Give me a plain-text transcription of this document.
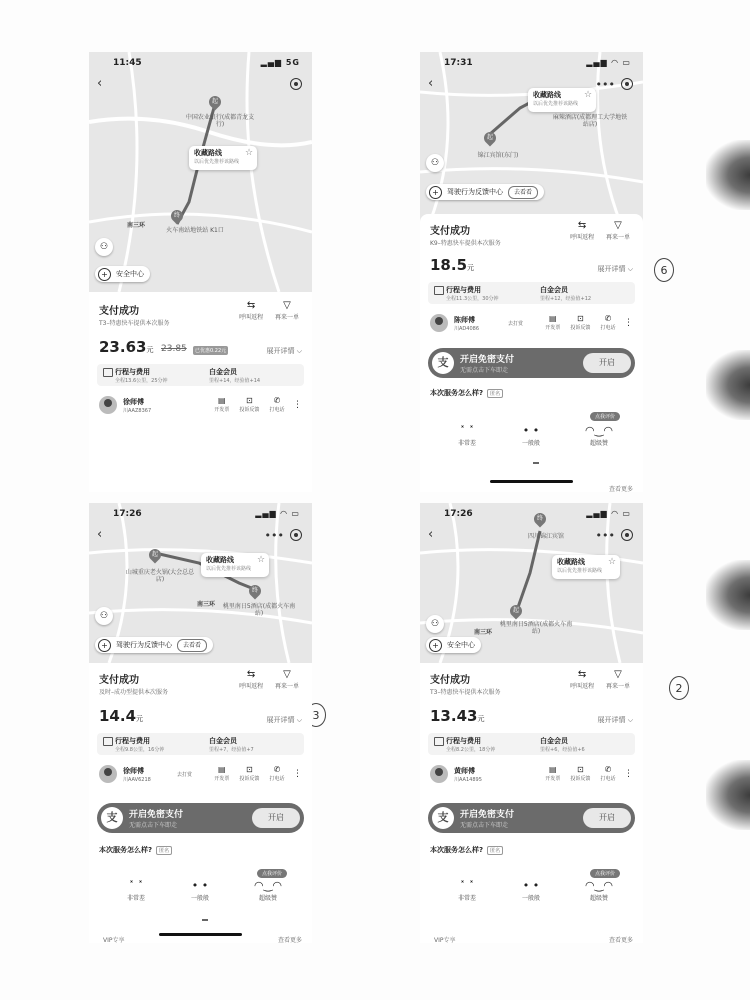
6
3
2
11:45	▂▄▆ 5G
‹
起
中国农业银行(成都青龙支行)
收藏路线
以后优先推荐该路线
☆
南三环
终
火车南站地铁站 K1口
⚇
+ 安全中心
支付成功
T3–特惠快车提供本次服务
⇆
呼叫返程
▽
再来一单
23.63元 23.85	已优惠0.22元	展开详情 ⌵
行程与费用
全程13.6公里，25分钟
白金会员
里程+14，经验值+14
徐师傅
川AAZ8367
▤
开发票
⊡
投诉反馈
✆
打电话 ⋮
17:31	▂▄▆ ◠ ▭
‹	•••
收藏路线
以后优先推荐该路线
☆
麻辣酒店(成都理工大学地铁站店)
起
锦江宾馆(东门)
⚇
+ 驾驶行为反馈中心 去看看
支付成功
K9–特惠快车提供本次服务
⇆
呼叫返程
▽
再来一单
18.5元	展开详情 ⌵
行程与费用
全程11.3公里，30分钟
白金会员
里程+12，经验值+12
陈师傅
川AD4086
去打赏
▤
开发票
⊡
投诉反馈
✆
打电话 ⋮
支	开启免密支付
无需点击下车即走
开启
本次服务怎么样? 匿名
点我评价
˟ ˟
非常差
• •
一般般
◠‿◠
超级赞
查看更多
17:26	▂▄▆ ◠ ▭
‹	•••
起
山城重庆老火锅(大会总总店)
收藏路线
以后优先推荐该路线
☆
终
桃里南日5酒店(成都火车南站)
南三环
⚇
+ 驾驶行为反馈中心 去看看
支付成功
及时–成功型提供本次服务
⇆
呼叫返程
▽
再来一单
14.4元	展开详情 ⌵
行程与费用
全程9.8公里，16分钟
白金会员
里程+7，经验值+7
徐师傅
川AAV6218
去打赏
▤
开发票
⊡
投诉反馈
✆
打电话 ⋮
支	开启免密支付
无需点击下车即走
开启
本次服务怎么样? 匿名
点我评价
˟ ˟
非常差
• •
一般般
◠‿◠
超级赞
VIP专享	查看更多
17:26	▂▄▆ ◠ ▭
‹	•••
终
四川锦江宾馆
收藏路线
以后优先推荐该路线
☆
起
桃里南日5酒店(成都火车南站)
南三环
⚇
+ 安全中心
支付成功
T3–特惠快车提供本次服务
⇆
呼叫返程
▽
再来一单
13.43元	展开详情 ⌵
行程与费用
全程8.2公里，18分钟
白金会员
里程+6，经验值+6
黄师傅
川AA14895
▤
开发票
⊡
投诉反馈
✆
打电话 ⋮
支	开启免密支付
无需点击下车即走
开启
本次服务怎么样? 匿名
点我评价
˟ ˟
非常差
• •
一般般
◠‿◠
超级赞
VIP专享	查看更多
